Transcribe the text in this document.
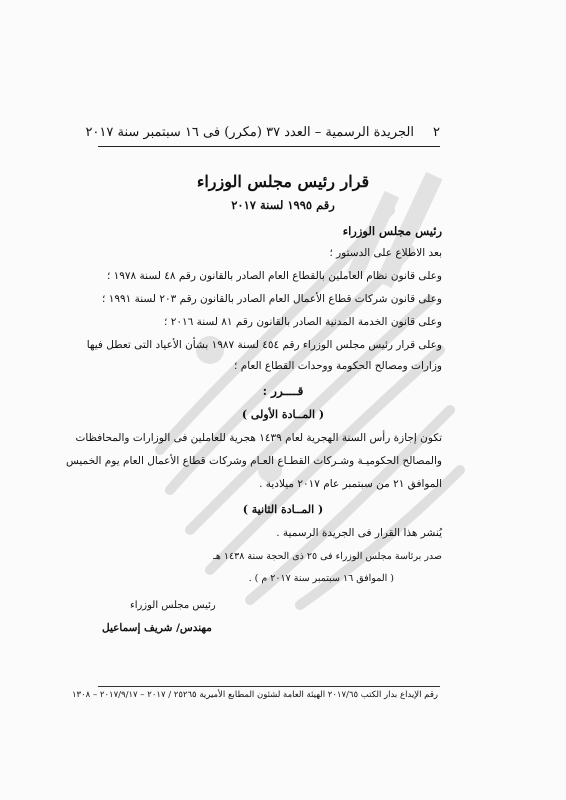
٢
الجريدة الرسمية – العدد ٣٧ (مكرر) فى ١٦ سبتمبر سنة ٢٠١٧
قرار رئيس مجلس الوزراء
رقم ١٩٩٥ لسنة ٢٠١٧
رئيس مجلس الوزراء
بعد الاطلاع على الدستور ؛
وعلى قانون نظام العاملين بالقطاع العام الصادر بالقانون رقم ٤٨ لسنة ١٩٧٨ ؛
وعلى قانون شركات قطاع الأعمال العام الصادر بالقانون رقم ٢٠٣ لسنة ١٩٩١ ؛
وعلى قانون الخدمة المدنية الصادر بالقانون رقم ٨١ لسنة ٢٠١٦ ؛
وعلى قرار رئيس مجلس الوزراء رقم ٤٥٤ لسنة ١٩٨٧ بشأن الأعياد التى تعطل فيها
وزارات ومصالح الحكومة ووحدات القطاع العام ؛
قــــرر :
( المــادة الأولى )
تكون إجازة رأس السنة الهجرية لعام ١٤٣٩ هجرية للعاملين فى الوزارات والمحافظات
والمصالح الحكوميـة وشـركات القطـاع العـام وشركات قطاع الأعمال العام يوم الخميس
الموافق ٢١ من سبتمبر عام ٢٠١٧ ميلادية .
( المــادة الثانية )
يُنشر هذا القرار فى الجريدة الرسمية .
صدر برئاسة مجلس الوزراء فى ٢٥ ذى الحجة سنة ١٤٣٨ هـ
( الموافق ١٦ سبتمبر سنة ٢٠١٧ م ) .
رئيس مجلس الوزراء
مهندس/ شريف إسماعيل
رقم الإيداع بدار الكتب ٢٠١٧/٦٥ الهيئة العامة لشئون المطابع الأميرية ٢٥٢٦٥ / ٢٠١٧ – ٢٠١٧/٩/١٧ – ١٣٠٨
